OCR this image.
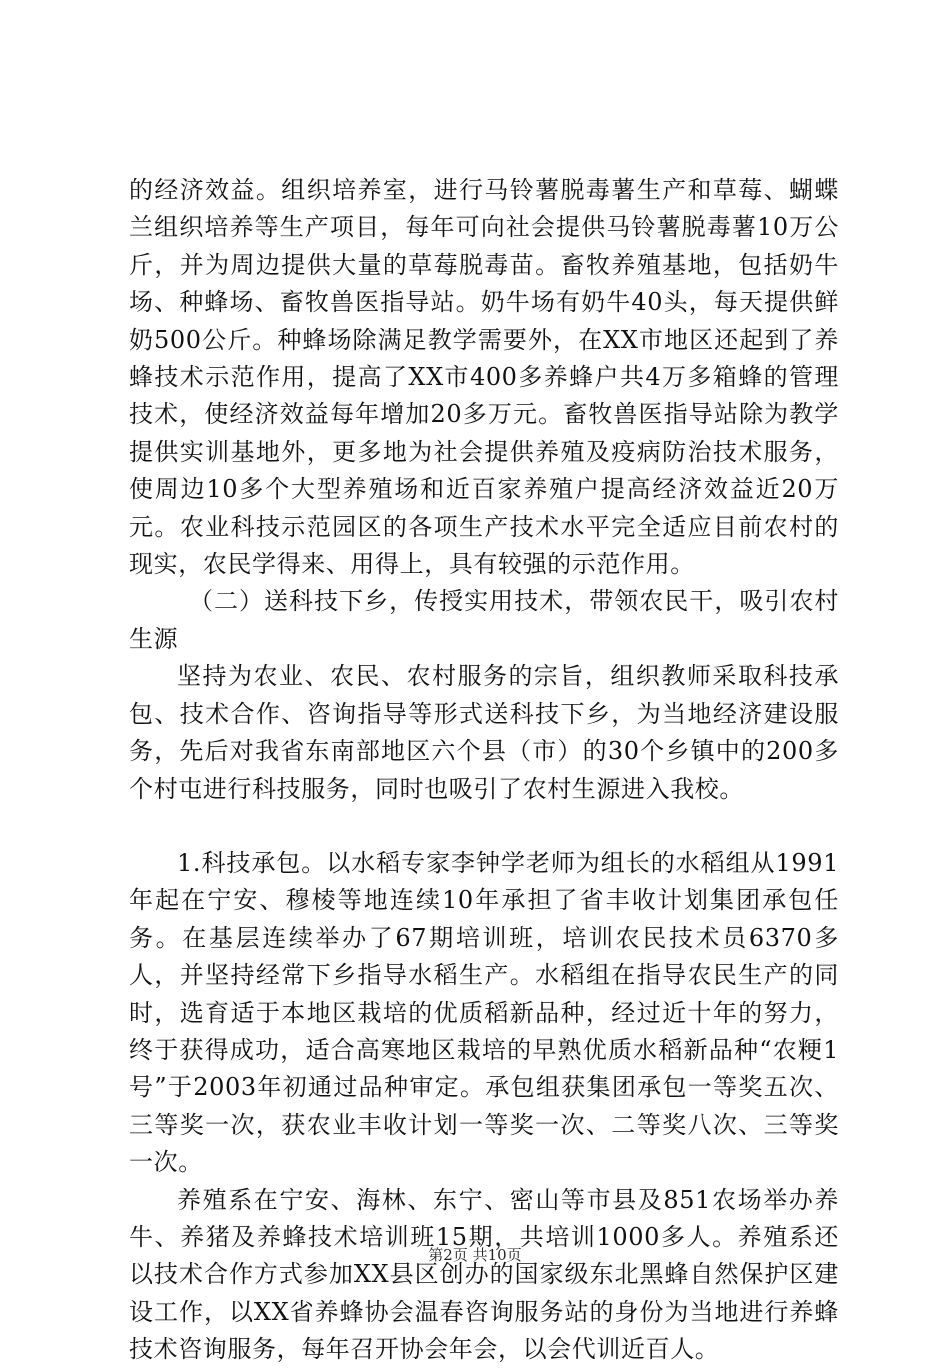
的经济效益。组织培养室，进行马铃薯脱毒薯生产和草莓、蝴蝶兰组织培养等生产项目，每年可向社会提供马铃薯脱毒薯10万公斤，并为周边提供大量的草莓脱毒苗。畜牧养殖基地，包括奶牛场、种蜂场、畜牧兽医指导站。奶牛场有奶牛40头，每天提供鲜奶500公斤。种蜂场除满足教学需要外，在XX市地区还起到了养蜂技术示范作用，提高了XX市400多养蜂户共4万多箱蜂的管理技术，使经济效益每年增加20多万元。畜牧兽医指导站除为教学提供实训基地外，更多地为社会提供养殖及疫病防治技术服务，使周边10多个大型养殖场和近百家养殖户提高经济效益近20万元。农业科技示范园区的各项生产技术水平完全适应目前农村的现实，农民学得来、用得上，具有较强的示范作用。

（二）送科技下乡，传授实用技术，带领农民干，吸引农村生源

坚持为农业、农民、农村服务的宗旨，组织教师采取科技承包、技术合作、咨询指导等形式送科技下乡，为当地经济建设服务，先后对我省东南部地区六个县（市）的30个乡镇中的200多个村屯进行科技服务，同时也吸引了农村生源进入我校。

1.科技承包。以水稻专家李钟学老师为组长的水稻组从1991年起在宁安、穆棱等地连续10年承担了省丰收计划集团承包任务。在基层连续举办了67期培训班，培训农民技术员6370多人，并坚持经常下乡指导水稻生产。水稻组在指导农民生产的同时，选育适于本地区栽培的优质稻新品种，经过近十年的努力，终于获得成功，适合高寒地区栽培的早熟优质水稻新品种“农粳1号”于2003年初通过品种审定。承包组获集团承包一等奖五次、三等奖一次，获农业丰收计划一等奖一次、二等奖八次、三等奖一次。

养殖系在宁安、海林、东宁、密山等市县及851农场举办养牛、养猪及养蜂技术培训班15期，共培训1000多人。养殖系还以技术合作方式参加XX县区创办的国家级东北黑蜂自然保护区建设工作，以XX省养蜂协会温春咨询服务站的身份为当地进行养蜂技术咨询服务，每年召开协会年会，以会代训近百人。

第2页 共10页
